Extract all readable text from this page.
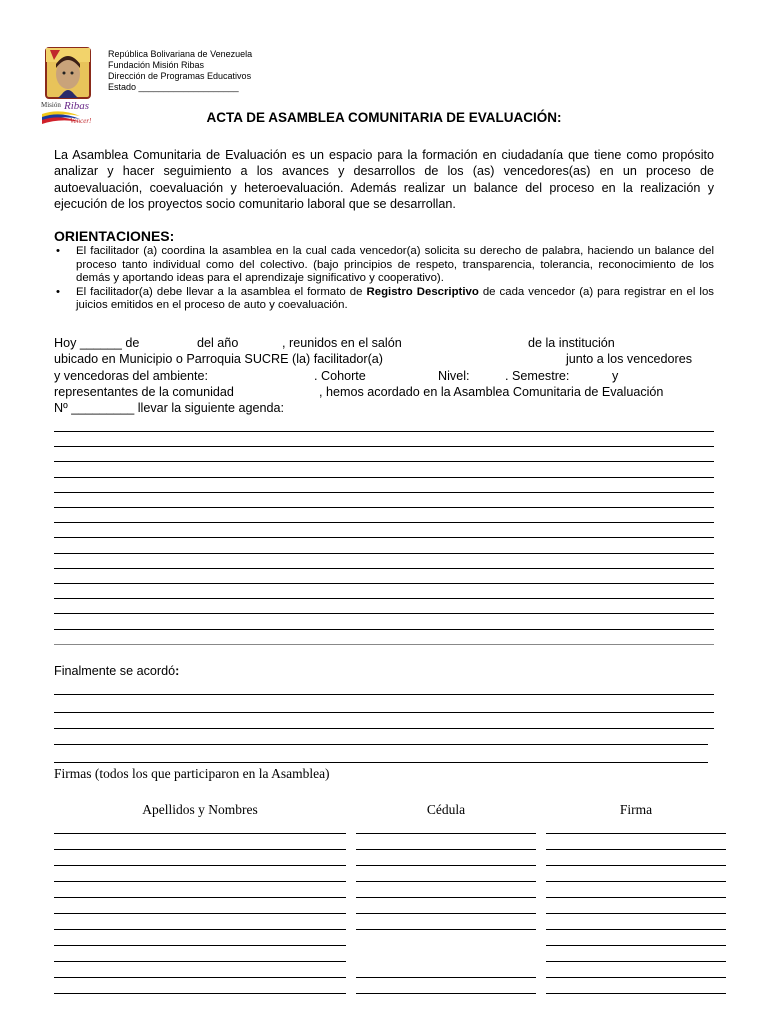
Misión Ribas
Vencer!
República Bolivariana de Venezuela
Fundación Misión Ribas
Dirección de Programas Educativos
Estado ____________________
ACTA DE ASAMBLEA COMUNITARIA DE EVALUACIÓN:
La Asamblea Comunitaria de Evaluación es un espacio para la formación en ciudadanía que tiene como propósito analizar y hacer seguimiento a los avances y desarrollos de los (as) vencedores(as) en un proceso de autoevaluación, coevaluación y heteroevaluación. Además realizar un balance del proceso en la realización y ejecución de los proyectos socio comunitario laboral que se desarrollan.
ORIENTACIONES:
• El facilitador (a) coordina la asamblea en la cual cada vencedor(a) solicita su derecho de palabra, haciendo un balance del proceso tanto individual como del colectivo. (bajo principios de respeto, transparencia, tolerancia, reconocimiento de los demás y aportando ideas para el aprendizaje significativo y cooperativo).
• El facilitador(a) debe llevar a la asamblea el formato de Registro Descriptivo de cada vencedor (a) para registrar en el los juicios emitidos en el proceso de auto y coevaluación.
Hoy ______ de	del año	, reunidos en el salón	de la institución
ubicado en Municipio o Parroquia SUCRE (la) facilitador(a)	junto a los vencedores
y vencedoras del ambiente:	. Cohorte	Nivel:	. Semestre:	y
representantes de la comunidad	, hemos acordado en la Asamblea Comunitaria de Evaluación
Nº _________ llevar la siguiente agenda:
Finalmente se acordó:
Firmas (todos los que participaron en la Asamblea)
Apellidos y Nombres	Cédula	Firma
